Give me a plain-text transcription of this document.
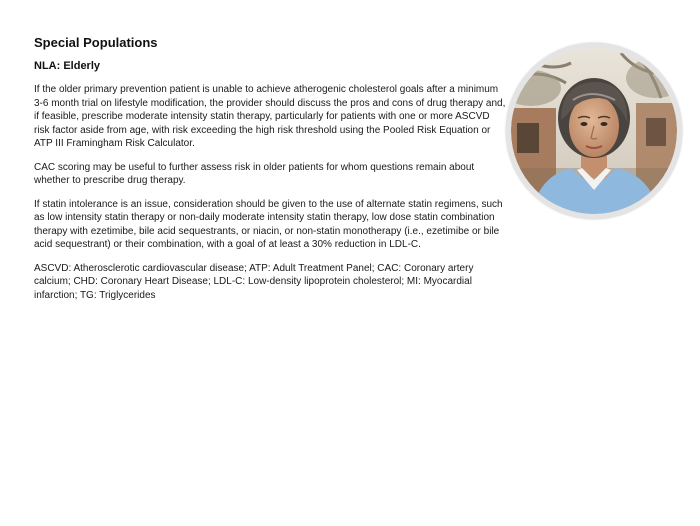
Special Populations
NLA: Elderly

If the older primary prevention patient is unable to achieve atherogenic cholesterol goals after a minimum 3-6 month trial on lifestyle modification, the provider should discuss the pros and cons of drug therapy and, if feasible, prescribe moderate intensity statin therapy, particularly for patients with one or more ASCVD risk factor aside from age, with risk exceeding the high risk threshold using the Pooled Risk Equation or ATP III Framingham Risk Calculator.

CAC scoring may be useful to further assess risk in older patients for whom questions remain about whether to prescribe drug therapy.

If statin intolerance is an issue, consideration should be given to the use of alternate statin regimens, such as low intensity statin therapy or non-daily moderate intensity statin therapy, low dose statin combination therapy with ezetimibe, bile acid sequestrants, or niacin, or non-statin monotherapy (i.e., ezetimibe or bile acid sequestrant) or their combination, with a goal of at least a 30% reduction in LDL-C.

ASCVD: Atherosclerotic cardiovascular disease; ATP: Adult Treatment Panel; CAC: Coronary artery calcium; CHD: Coronary Heart Disease; LDL-C: Low-density lipoprotein cholesterol; MI: Myocardial infarction; TG: Triglycerides
